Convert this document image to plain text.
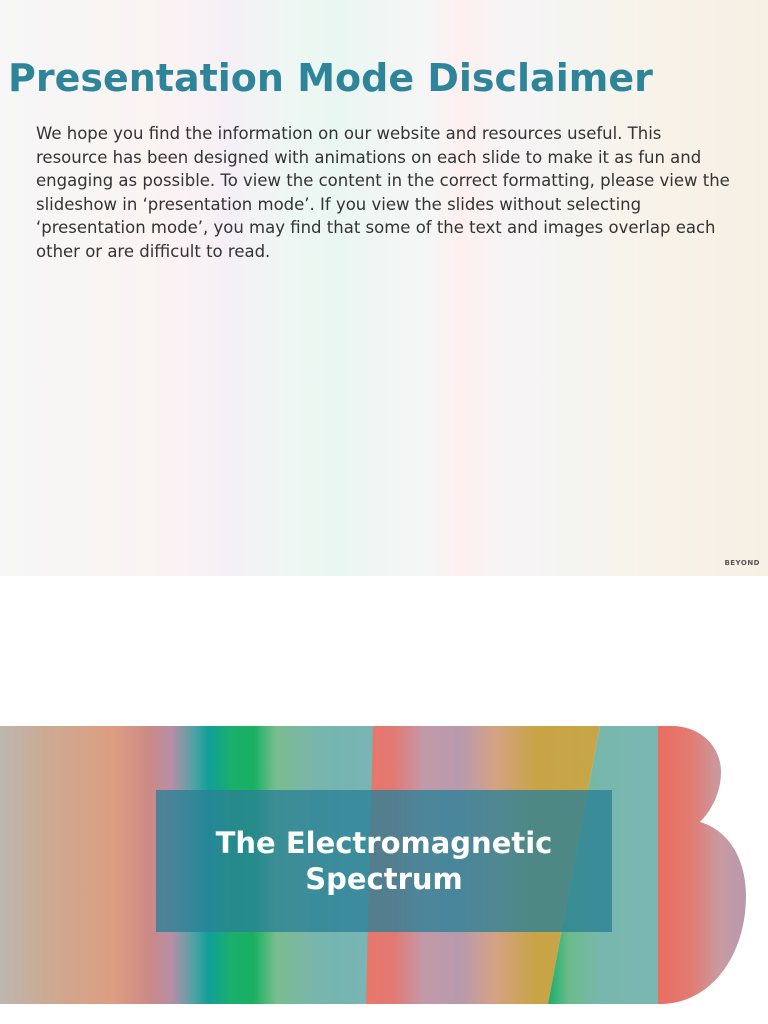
Presentation Mode Disclaimer

We hope you find the information on our website and resources useful. This resource has been designed with animations on each slide to make it as fun and engaging as possible. To view the content in the correct formatting, please view the slideshow in ‘presentation mode’. If you view the slides without selecting ‘presentation mode’, you may find that some of the text and images overlap each other or are difficult to read.

BEYOND
The Electromagnetic Spectrum
